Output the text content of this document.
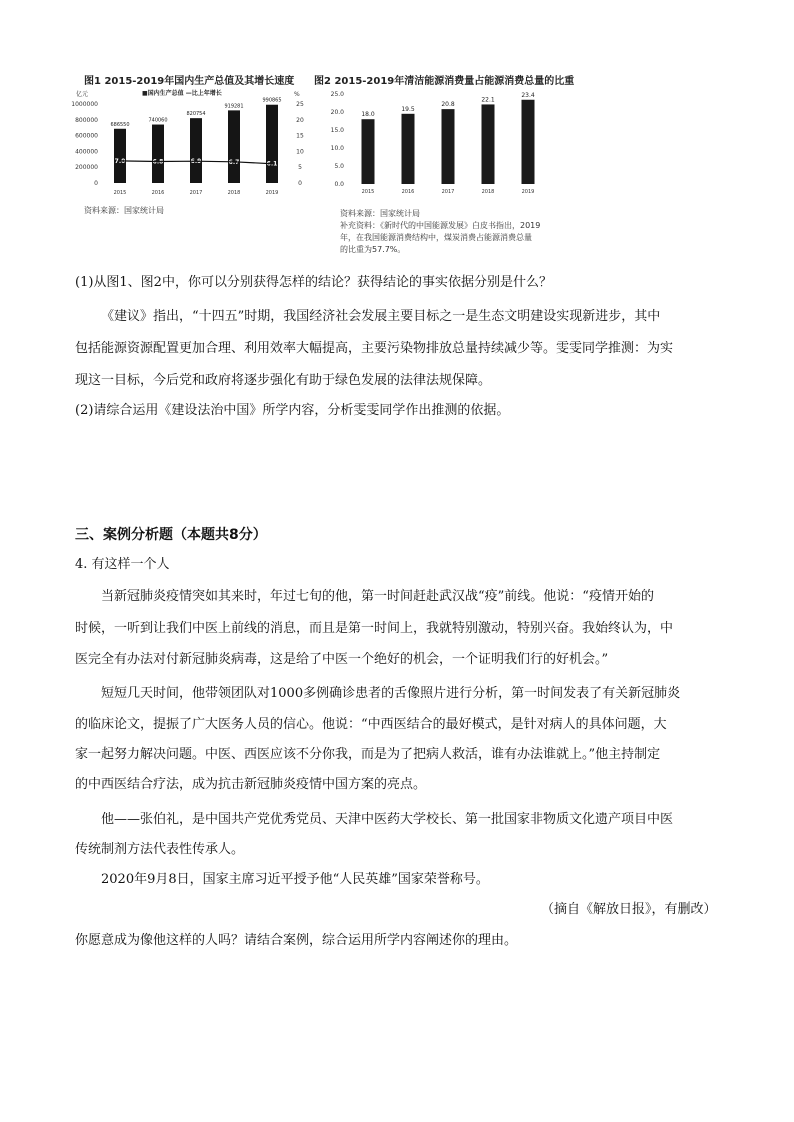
图1 2015-2019年国内生产总值及其增长速度
亿元	%
■国内生产总值 —比上年增长
1000000
800000
600000
400000
200000
0
25
20
15
10
5
0
686550
7.0
740060
6.8
820754
6.9
919281
6.7
990865
6.1
2015	2016	2017	2018	2019
资料来源：国家统计局
图2 2015-2019年清洁能源消费量占能源消费总量的比重
25.0
20.0
15.0
10.0
5.0
0.0
18.0
19.5
20.8
22.1
23.4
2015	2016	2017	2018	2019
资料来源：国家统计局
补充资料：《新时代的中国能源发展》白皮书指出，2019
年，在我国能源消费结构中，煤炭消费占能源消费总量
的比重为57.7%。
(1)从图1、图2中，你可以分别获得怎样的结论？获得结论的事实依据分别是什么？
《建议》指出，“十四五”时期，我国经济社会发展主要目标之一是生态文明建设实现新进步，其中
包括能源资源配置更加合理、利用效率大幅提高，主要污染物排放总量持续减少等。雯雯同学推测：为实
现这一目标，今后党和政府将逐步强化有助于绿色发展的法律法规保障。
(2)请综合运用《建设法治中国》所学内容，分析雯雯同学作出推测的依据。
三、案例分析题（本题共8分）
4. 有这样一个人
当新冠肺炎疫情突如其来时，年过七旬的他，第一时间赶赴武汉战“疫”前线。他说：“疫情开始的
时候，一听到让我们中医上前线的消息，而且是第一时间上，我就特别激动，特别兴奋。我始终认为，中
医完全有办法对付新冠肺炎病毒，这是给了中医一个绝好的机会，一个证明我们行的好机会。”
短短几天时间，他带领团队对1000多例确诊患者的舌像照片进行分析，第一时间发表了有关新冠肺炎
的临床论文，提振了广大医务人员的信心。他说：“中西医结合的最好模式，是针对病人的具体问题，大
家一起努力解决问题。中医、西医应该不分你我，而是为了把病人救活，谁有办法谁就上。”他主持制定
的中西医结合疗法，成为抗击新冠肺炎疫情中国方案的亮点。
他——张伯礼，是中国共产党优秀党员、天津中医药大学校长、第一批国家非物质文化遗产项目中医
传统制剂方法代表性传承人。
2020年9月8日，国家主席习近平授予他“人民英雄”国家荣誉称号。
（摘自《解放日报》，有删改）
你愿意成为像他这样的人吗？请结合案例，综合运用所学内容阐述你的理由。
